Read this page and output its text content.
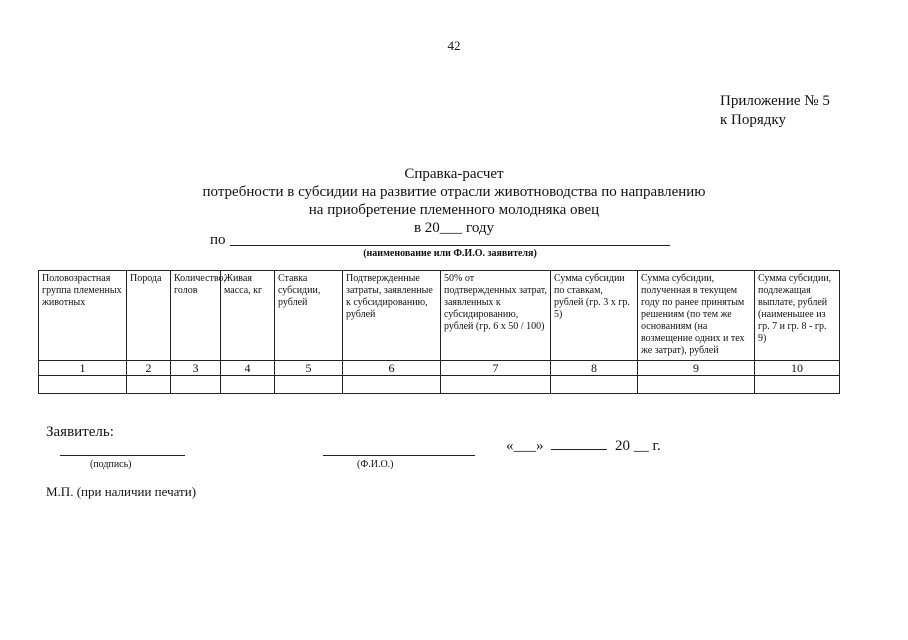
42
Приложение № 5
к Порядку
Справка-расчет
потребности в субсидии на развитие отрасли животноводства по направлению
на приобретение племенного молодняка овец
в 20___ году
по
(наименование или Ф.И.О. заявителя)
Половозрастная группа племенных животных	Порода	Количество, голов	Живая масса, кг	Ставка субсидии, рублей	Подтвержденные затраты, заявленные к субсидированию, рублей	50% от подтвержденных затрат, заявленных к субсидированию, рублей (гр. 6 х 50 / 100)	Сумма субсидии по ставкам, рублей (гр. 3 х гр. 5)	Сумма субсидии, полученная в текущем году по ранее принятым решениям (по тем же основаниям (на возмещение одних и тех же затрат), рублей	Сумма субсидии, подлежащая выплате, рублей (наименьшее из гр. 7 и гр. 8 - гр. 9)
1	2	3	4	5	6	7	8	9	10

Заявитель:
(подпись)	(Ф.И.О.)
«___»	20 __ г.
М.П. (при наличии печати)
